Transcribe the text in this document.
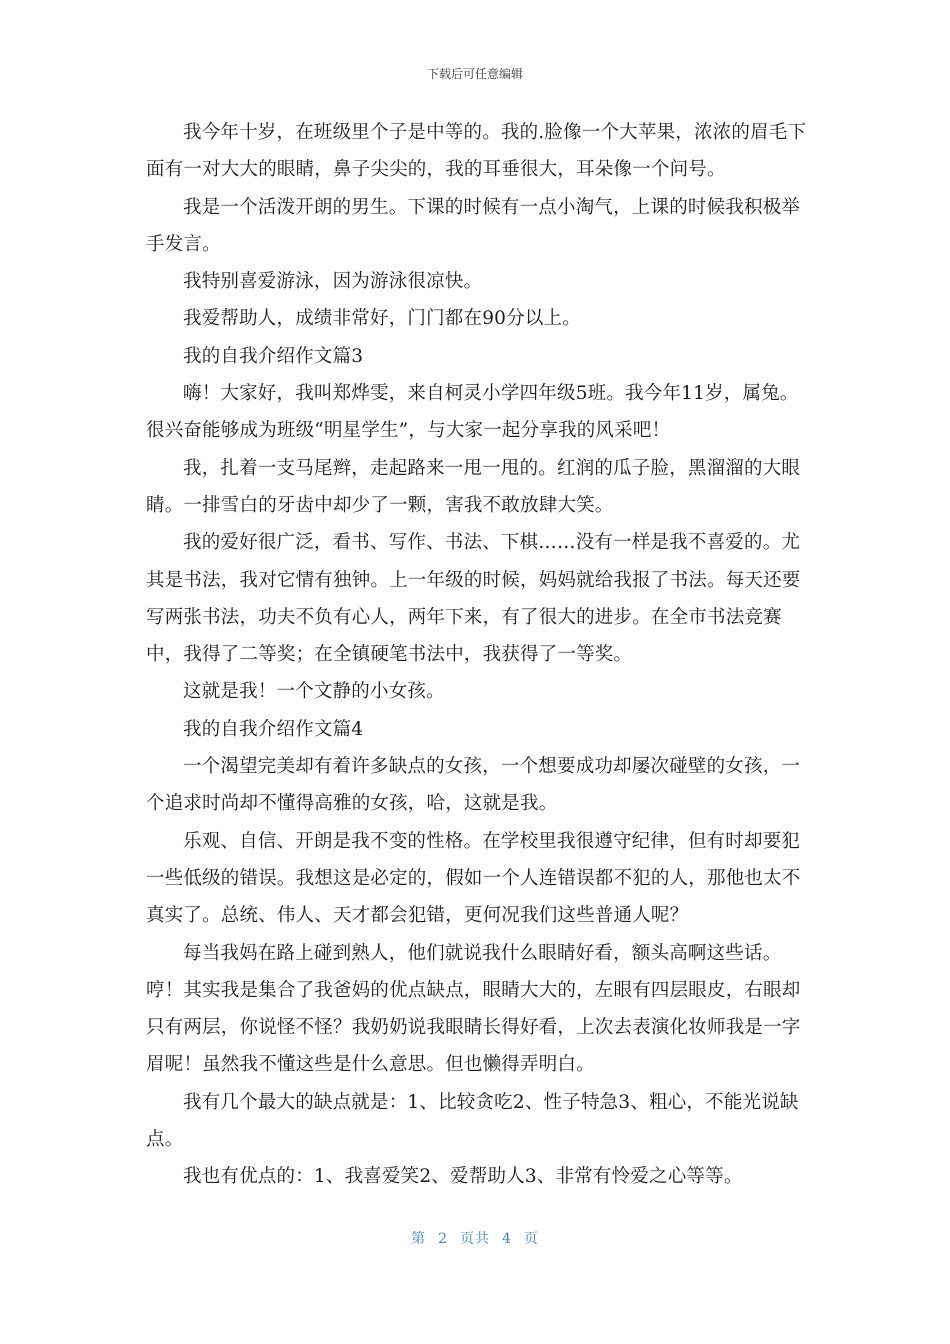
下载后可任意编辑

我今年十岁，在班级里个子是中等的。我的.脸像一个大苹果，浓浓的眉毛下面有一对大大的眼睛，鼻子尖尖的，我的耳垂很大，耳朵像一个问号。

我是一个活泼开朗的男生。下课的时候有一点小淘气，上课的时候我积极举手发言。

我特别喜爱游泳，因为游泳很凉快。

我爱帮助人，成绩非常好，门门都在90分以上。

我的自我介绍作文篇3

嗨！大家好，我叫郑烨雯，来自柯灵小学四年级5班。我今年11岁，属兔。很兴奋能够成为班级“明星学生”，与大家一起分享我的风采吧！

我，扎着一支马尾辫，走起路来一甩一甩的。红润的瓜子脸，黑溜溜的大眼睛。一排雪白的牙齿中却少了一颗，害我不敢放肆大笑。

我的爱好很广泛，看书、写作、书法、下棋……没有一样是我不喜爱的。尤其是书法，我对它情有独钟。上一年级的时候，妈妈就给我报了书法。每天还要写两张书法，功夫不负有心人，两年下来，有了很大的进步。在全市书法竞赛中，我得了二等奖；在全镇硬笔书法中，我获得了一等奖。

这就是我！一个文静的小女孩。

我的自我介绍作文篇4

一个渴望完美却有着许多缺点的女孩，一个想要成功却屡次碰壁的女孩，一个追求时尚却不懂得高雅的女孩，哈，这就是我。

乐观、自信、开朗是我不变的性格。在学校里我很遵守纪律，但有时却要犯一些低级的错误。我想这是必定的，假如一个人连错误都不犯的人，那他也太不真实了。总统、伟人、天才都会犯错，更何况我们这些普通人呢？

每当我妈在路上碰到熟人，他们就说我什么眼睛好看，额头高啊这些话。哼！其实我是集合了我爸妈的优点缺点，眼睛大大的，左眼有四层眼皮，右眼却只有两层，你说怪不怪？我奶奶说我眼睛长得好看，上次去表演化妆师我是一字眉呢！虽然我不懂这些是什么意思。但也懒得弄明白。

我有几个最大的缺点就是：1、比较贪吃2、性子特急3、粗心，不能光说缺点。

我也有优点的：1、我喜爱笑2、爱帮助人3、非常有怜爱之心等等。

第 2 页共 4 页
